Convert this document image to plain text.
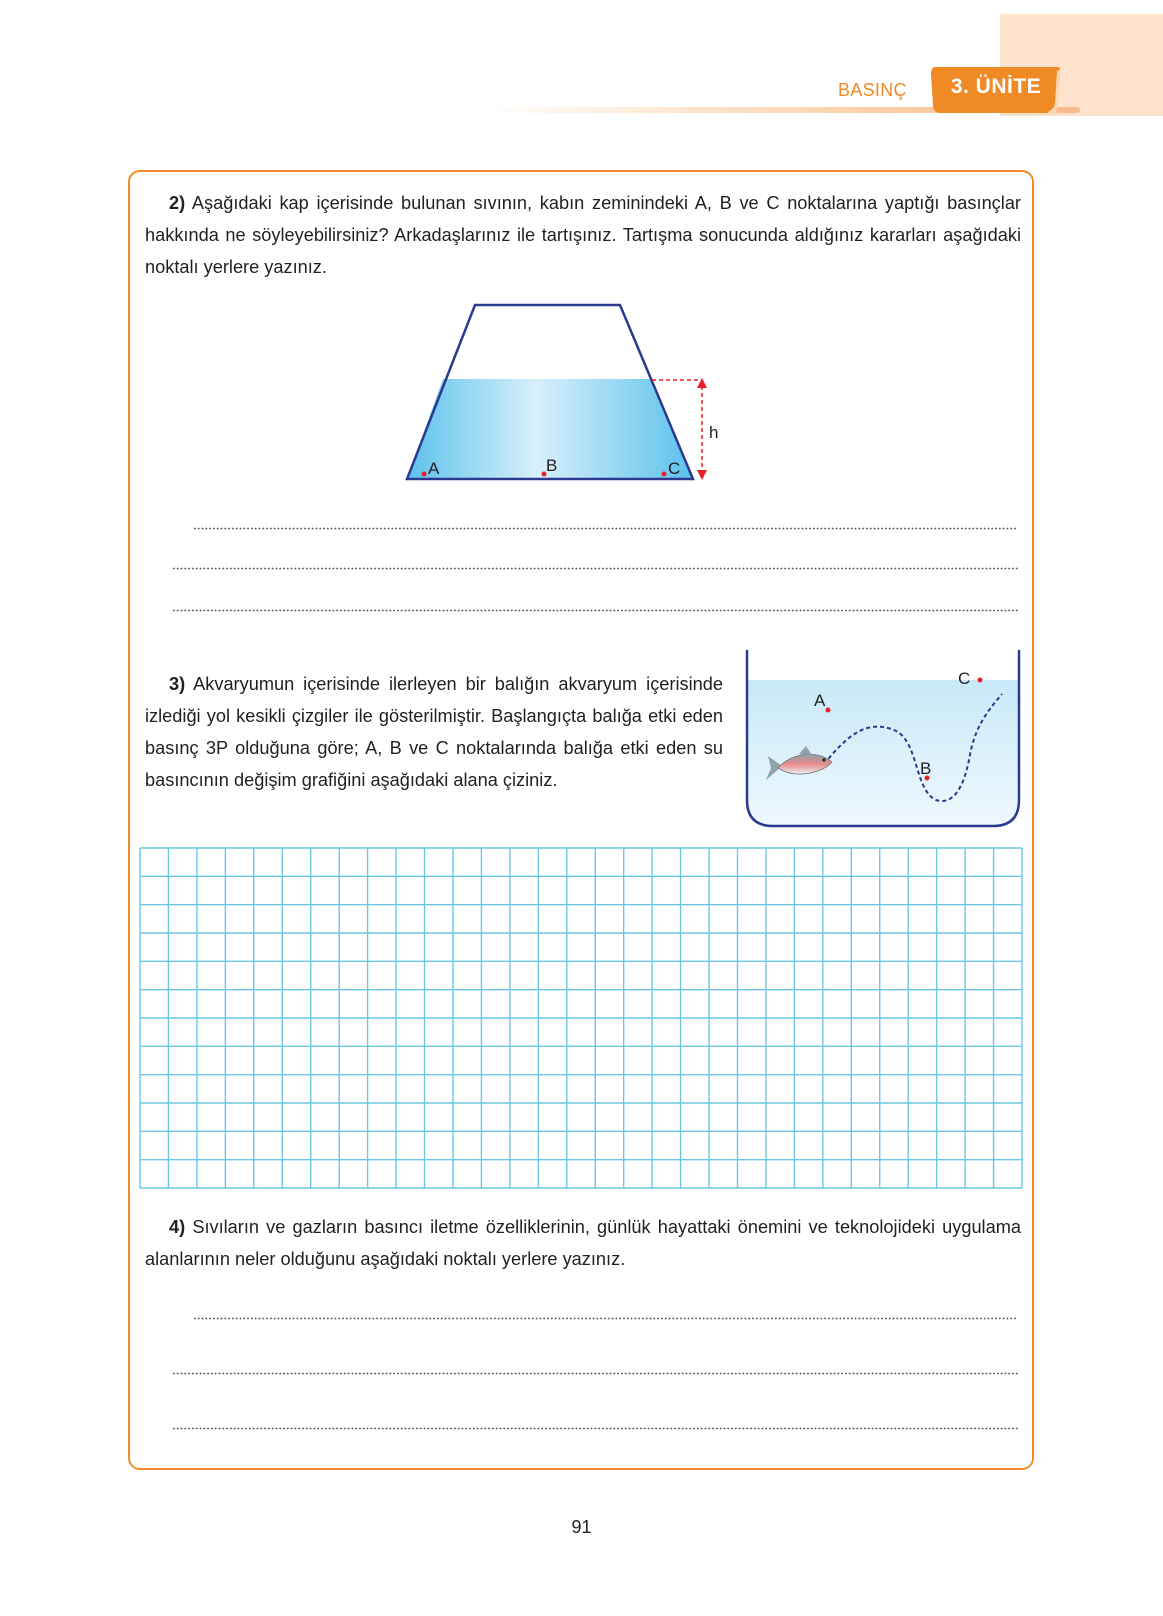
BASINÇ	3. ÜNİTE
2) Aşağıdaki kap içerisinde bulunan sıvının, kabın zeminindeki A, B ve C noktalarına yaptığı basınçlar hakkında ne söyleyebilirsiniz? Arkadaşlarınız ile tartışınız. Tartışma sonucunda aldığınız kararları aşağıdaki noktalı yerlere yazınız.
h
A	B	C
3) Akvaryumun içerisinde ilerleyen bir balığın akvaryum içerisinde izlediği yol kesikli çizgiler ile gösterilmiştir. Başlangıçta balığa etki eden basınç 3P olduğuna göre; A, B ve C noktalarında balığa etki eden su basıncının değişim grafiğini aşağıdaki alana çiziniz.
A
B
C
4) Sıvıların ve gazların basıncı iletme özelliklerinin, günlük hayattaki önemini ve teknolojideki uygulama alanlarının neler olduğunu aşağıdaki noktalı yerlere yazınız.
91
